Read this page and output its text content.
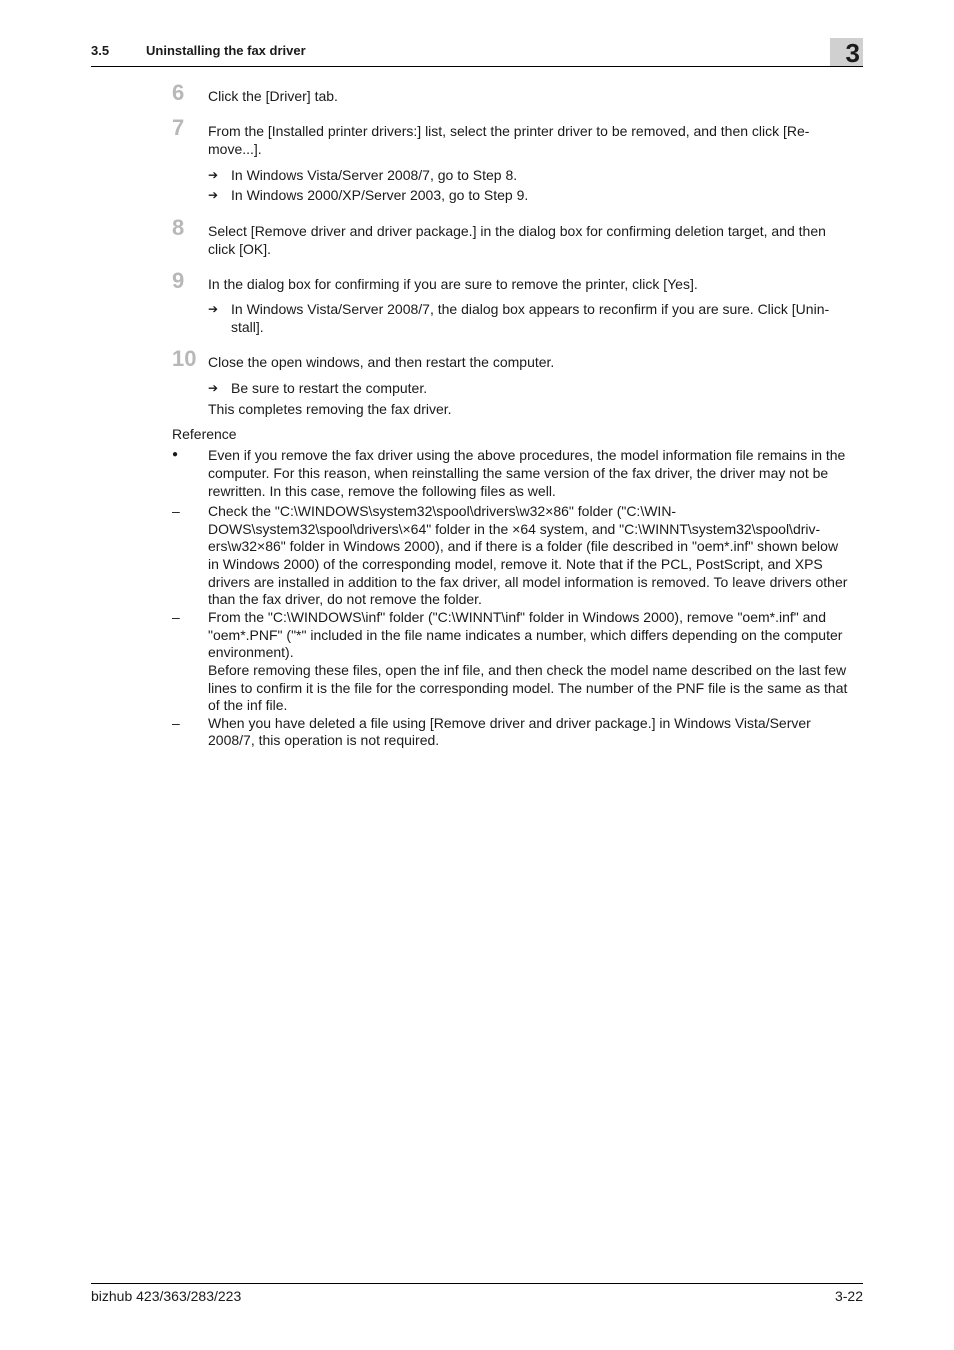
3.5	Uninstalling the fax driver	3
6 Click the [Driver] tab.
7 From the [Installed printer drivers:] list, select the printer driver to be removed, and then click [Re-
move...].
➔ In Windows Vista/Server 2008/7, go to Step 8.
➔ In Windows 2000/XP/Server 2003, go to Step 9.
8 Select [Remove driver and driver package.] in the dialog box for confirming deletion target, and then
click [OK].
9 In the dialog box for confirming if you are sure to remove the printer, click [Yes].
➔ In Windows Vista/Server 2008/7, the dialog box appears to reconfirm if you are sure. Click [Unin-
stall].
10 Close the open windows, and then restart the computer.
➔ Be sure to restart the computer.
This completes removing the fax driver.
Reference
● Even if you remove the fax driver using the above procedures, the model information file remains in the
computer. For this reason, when reinstalling the same version of the fax driver, the driver may not be
rewritten. In this case, remove the following files as well.
– Check the "C:\WINDOWS\system32\spool\drivers\w32×86" folder ("C:\WIN-
DOWS\system32\spool\drivers\×64" folder in the ×64 system, and "C:\WINNT\system32\spool\driv-
ers\w32×86" folder in Windows 2000), and if there is a folder (file described in "oem*.inf" shown below
in Windows 2000) of the corresponding model, remove it. Note that if the PCL, PostScript, and XPS
drivers are installed in addition to the fax driver, all model information is removed. To leave drivers other
than the fax driver, do not remove the folder.
– From the "C:\WINDOWS\inf" folder ("C:\WINNT\inf" folder in Windows 2000), remove "oem*.inf" and
"oem*.PNF" ("*" included in the file name indicates a number, which differs depending on the computer
environment).
Before removing these files, open the inf file, and then check the model name described on the last few
lines to confirm it is the file for the corresponding model. The number of the PNF file is the same as that
of the inf file.
– When you have deleted a file using [Remove driver and driver package.] in Windows Vista/Server
2008/7, this operation is not required.
bizhub 423/363/283/223	3-22
